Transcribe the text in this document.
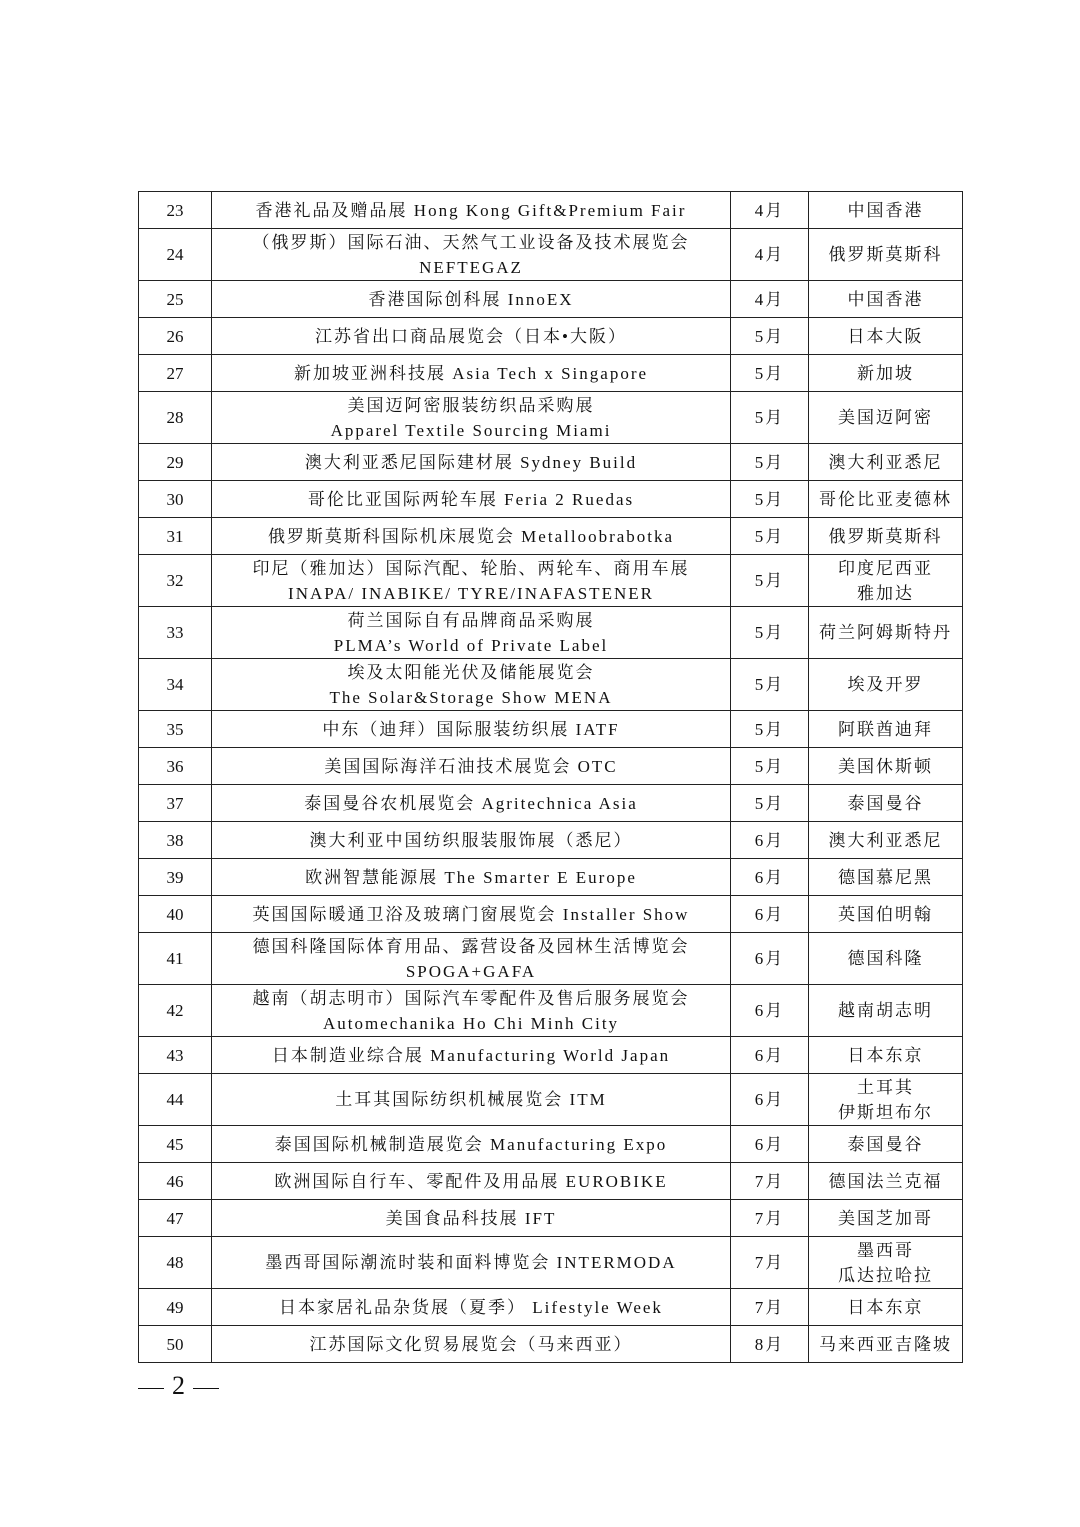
23	香港礼品及赠品展 Hong Kong Gift&Premium Fair	4月	中国香港

24	（俄罗斯）国际石油、天然气工业设备及技术展览会
NEFTEGAZ	4月	俄罗斯莫斯科

25	香港国际创科展 InnoEX	4月	中国香港

26	江苏省出口商品展览会（日本•大阪）	5月	日本大阪

27	新加坡亚洲科技展 Asia Tech x Singapore	5月	新加坡

28	美国迈阿密服装纺织品采购展
Apparel Textile Sourcing Miami	5月	美国迈阿密

29	澳大利亚悉尼国际建材展 Sydney Build	5月	澳大利亚悉尼

30	哥伦比亚国际两轮车展 Feria 2 Ruedas	5月	哥伦比亚麦德林

31	俄罗斯莫斯科国际机床展览会 Metalloobrabotka	5月	俄罗斯莫斯科

32	印尼（雅加达）国际汽配、轮胎、两轮车、商用车展
INAPA/ INABIKE/ TYRE/INAFASTENER	5月	印度尼西亚
雅加达

33	荷兰国际自有品牌商品采购展
PLMA’s World of Private Label	5月	荷兰阿姆斯特丹

34	埃及太阳能光伏及储能展览会
The Solar&Storage Show MENA	5月	埃及开罗

35	中东（迪拜）国际服装纺织展 IATF	5月	阿联酋迪拜

36	美国国际海洋石油技术展览会 OTC	5月	美国休斯顿

37	泰国曼谷农机展览会 Agritechnica Asia	5月	泰国曼谷

38	澳大利亚中国纺织服装服饰展（悉尼）	6月	澳大利亚悉尼

39	欧洲智慧能源展 The Smarter E Europe	6月	德国慕尼黑

40	英国国际暖通卫浴及玻璃门窗展览会 Installer Show	6月	英国伯明翰

41	德国科隆国际体育用品、露营设备及园林生活博览会
SPOGA+GAFA	6月	德国科隆

42	越南（胡志明市）国际汽车零配件及售后服务展览会
Automechanika Ho Chi Minh City	6月	越南胡志明

43	日本制造业综合展 Manufacturing World Japan	6月	日本东京

44	土耳其国际纺织机械展览会 ITM	6月	土耳其
伊斯坦布尔

45	泰国国际机械制造展览会 Manufacturing Expo	6月	泰国曼谷

46	欧洲国际自行车、零配件及用品展 EUROBIKE	7月	德国法兰克福

47	美国食品科技展 IFT	7月	美国芝加哥

48	墨西哥国际潮流时装和面料博览会 INTERMODA	7月	墨西哥
瓜达拉哈拉

49	日本家居礼品杂货展（夏季） Lifestyle Week	7月	日本东京

50	江苏国际文化贸易展览会（马来西亚）	8月	马来西亚吉隆坡
2
